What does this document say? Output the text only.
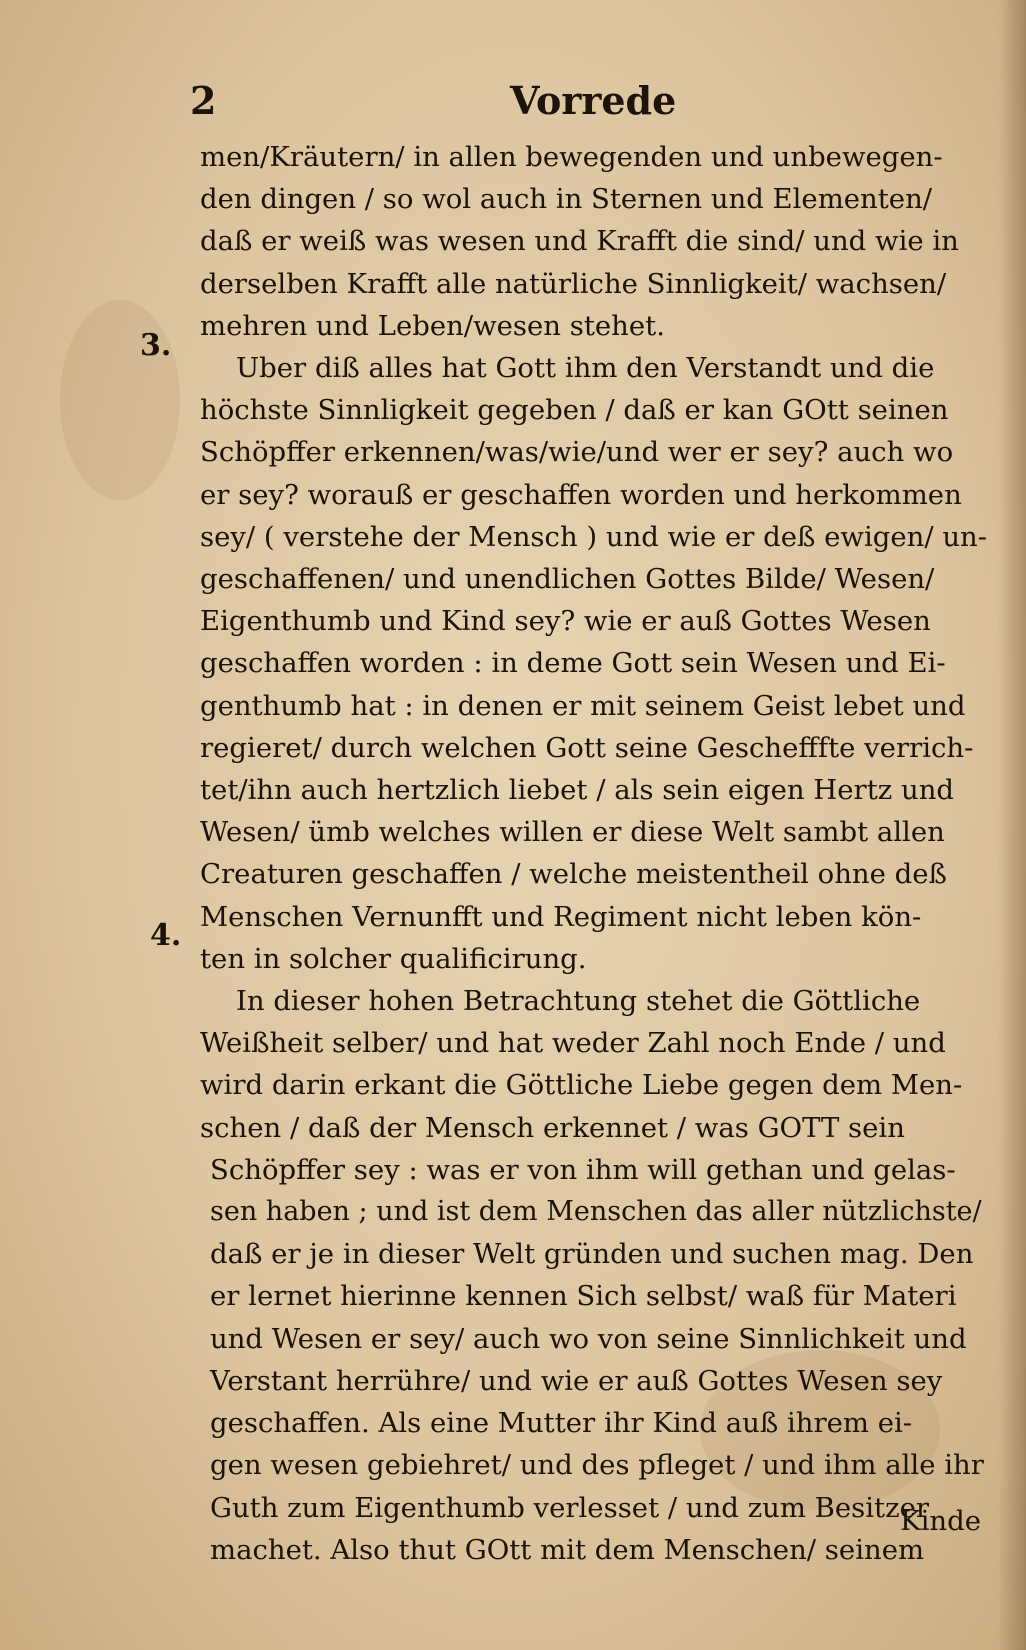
2	Vorrede
3.
4.
men/Kräutern/ in allen bewegenden und unbewegen-
den dingen / so wol auch in Sternen und Elementen/
daß er weiß was wesen und Krafft die sind/ und wie in
derselben Krafft alle natürliche Sinnligkeit/ wachsen/
mehren und Leben/wesen stehet.
Uber diß alles hat Gott ihm den Verstandt und die
höchste Sinnligkeit gegeben / daß er kan GOtt seinen
Schöpffer erkennen/was/wie/und wer er sey? auch wo
er sey? worauß er geschaffen worden und herkommen
sey/ ( verstehe der Mensch ) und wie er deß ewigen/ un-
geschaffenen/ und unendlichen Gottes Bilde/ Wesen/
Eigenthumb und Kind sey? wie er auß Gottes Wesen
geschaffen worden : in deme Gott sein Wesen und Ei-
genthumb hat : in denen er mit seinem Geist lebet und
regieret/ durch welchen Gott seine Geschefffte verrich-
tet/ihn auch hertzlich liebet / als sein eigen Hertz und
Wesen/ ümb welches willen er diese Welt sambt allen
Creaturen geschaffen / welche meistentheil ohne deß
Menschen Vernunfft und Regiment nicht leben kön-
ten in solcher qualificirung.
In dieser hohen Betrachtung stehet die Göttliche
Weißheit selber/ und hat weder Zahl noch Ende / und
wird darin erkant die Göttliche Liebe gegen dem Men-
schen / daß der Mensch erkennet / was GOTT sein
Schöpffer sey : was er von ihm will gethan und gelas-
sen haben ; und ist dem Menschen das aller nützlichste/
daß er je in dieser Welt gründen und suchen mag. Den
er lernet hierinne kennen Sich selbst/ waß für Materi
und Wesen er sey/ auch wo von seine Sinnlichkeit und
Verstant herrühre/ und wie er auß Gottes Wesen sey
geschaffen. Als eine Mutter ihr Kind auß ihrem ei-
gen wesen gebiehret/ und des pfleget / und ihm alle ihr
Guth zum Eigenthumb verlesset / und zum Besitzer
machet. Also thut GOtt mit dem Menschen/ seinem
Kinde
